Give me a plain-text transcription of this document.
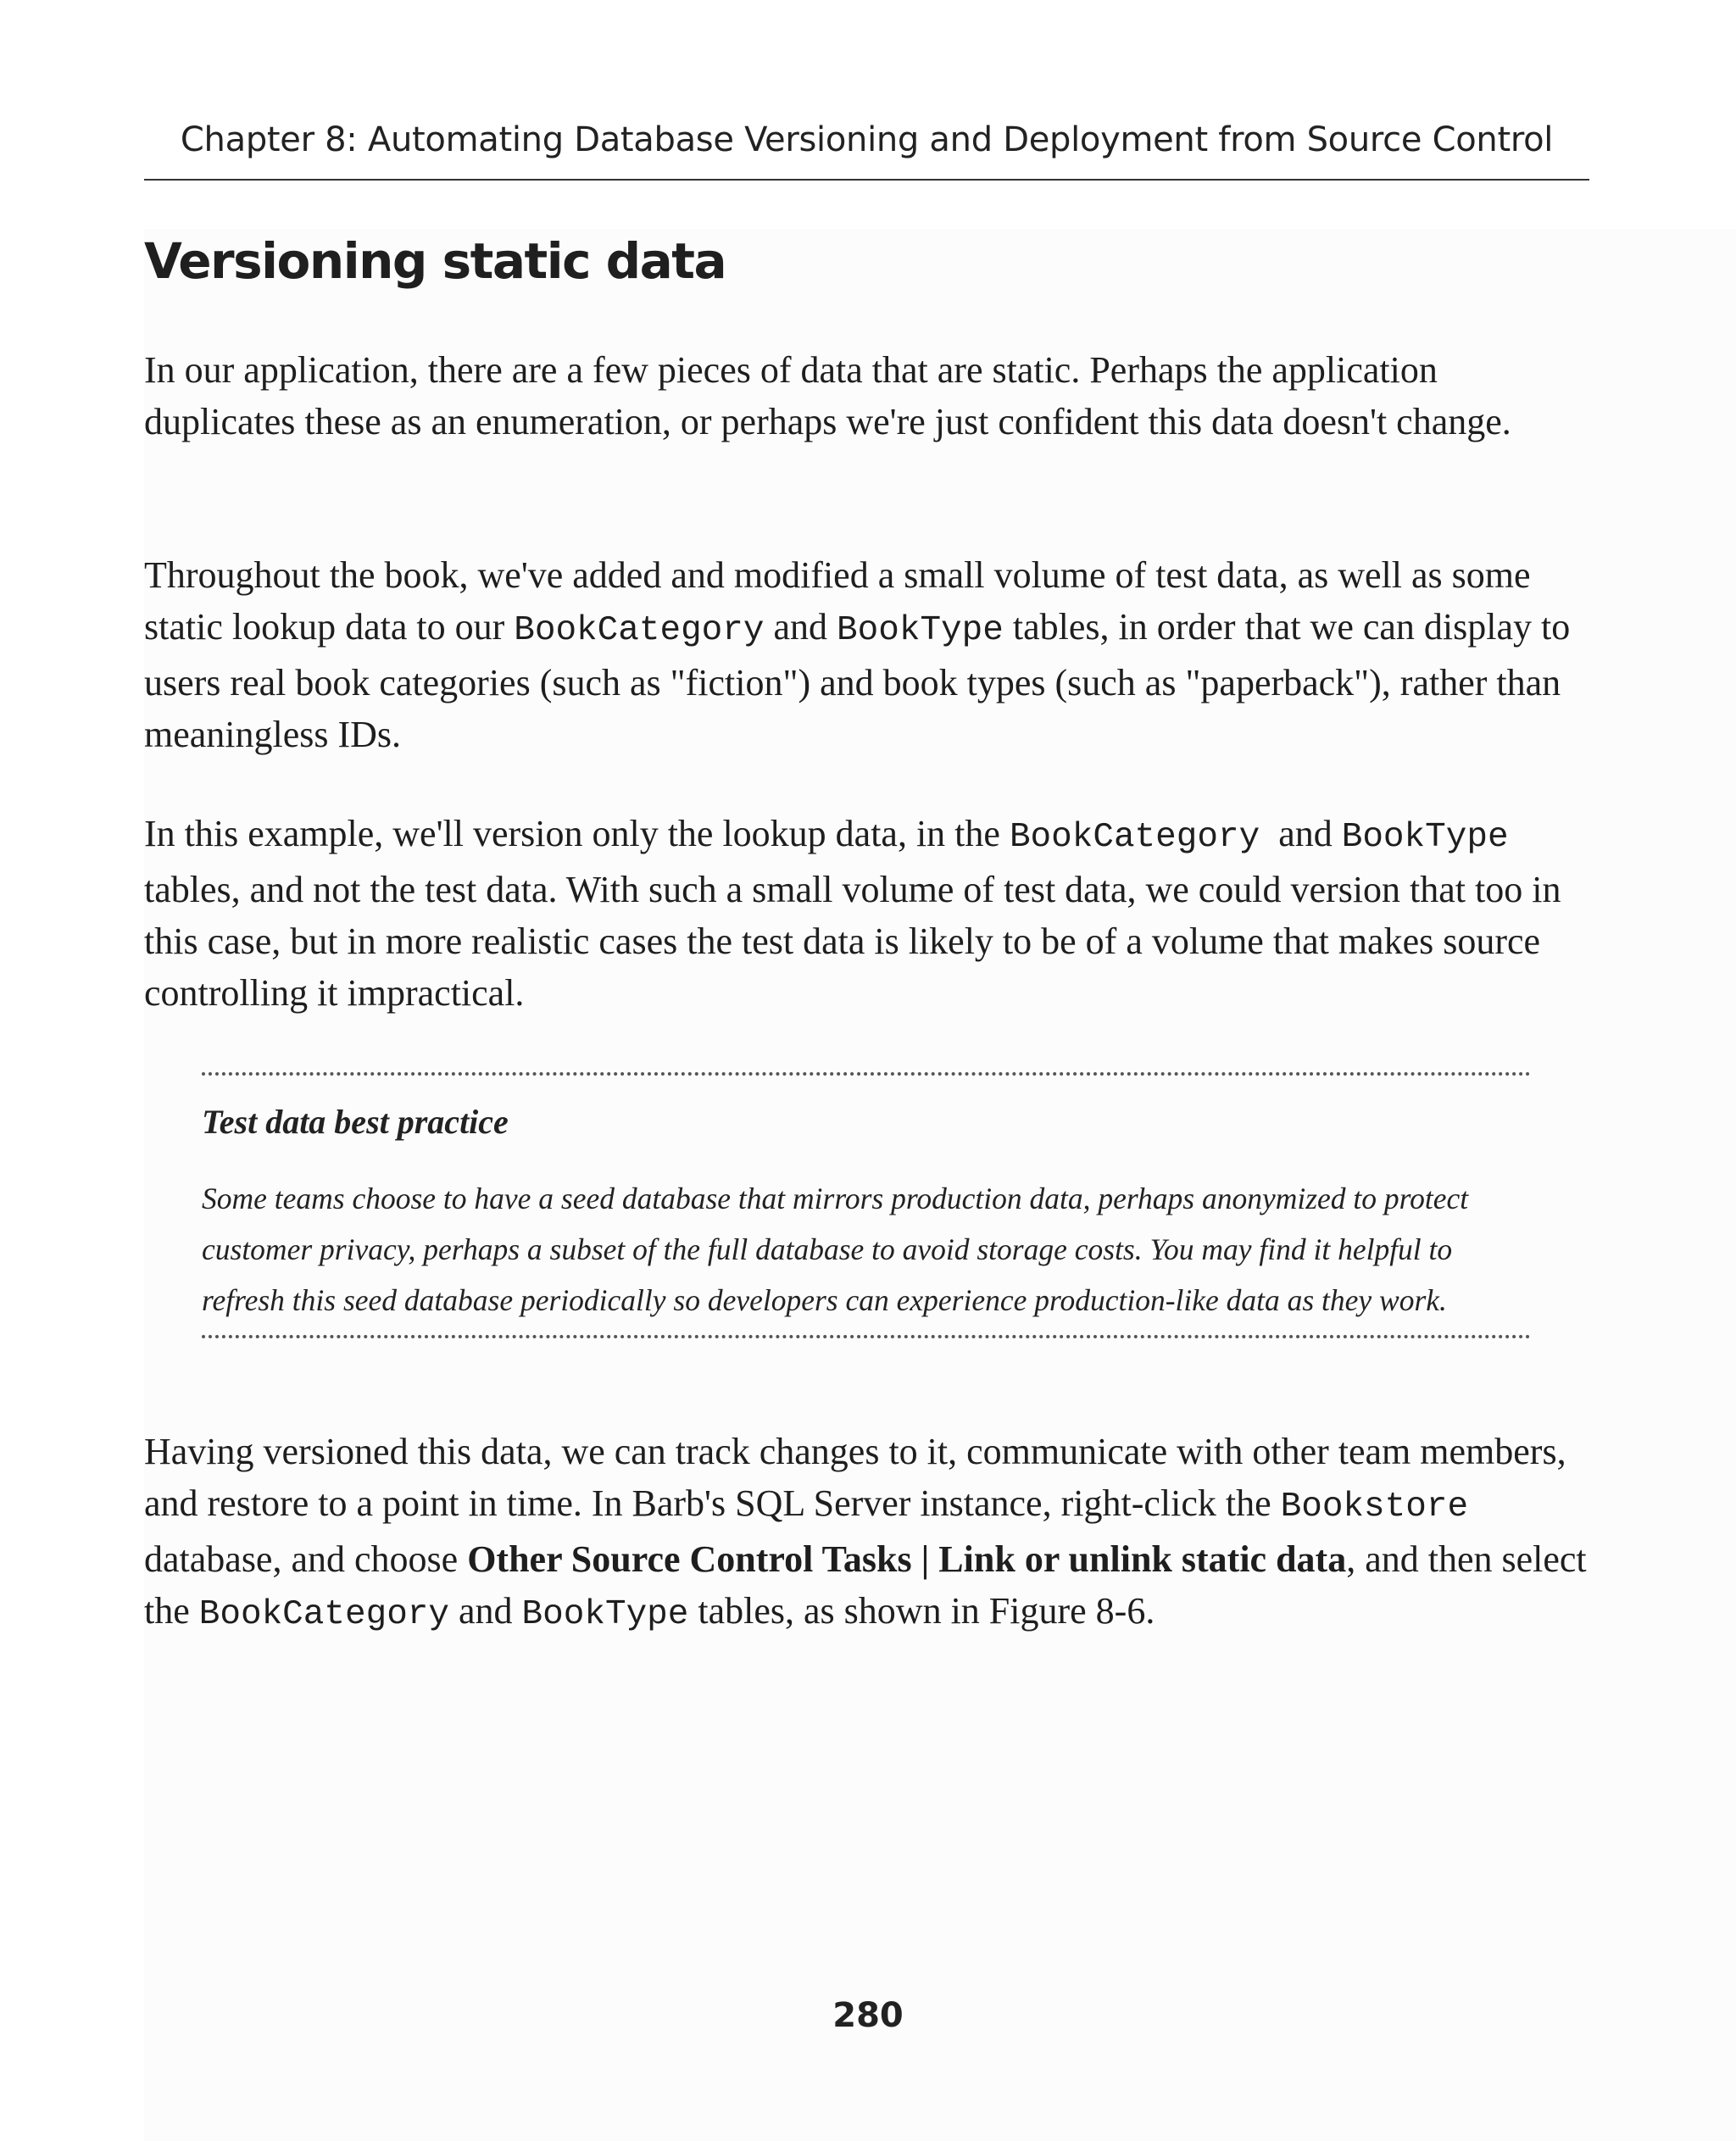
Chapter 8: Automating Database Versioning and Deployment from Source Control
Versioning static data

In our application, there are a few pieces of data that are static. Perhaps the application duplicates these as an enumeration, or perhaps we're just confident this data doesn't change.

Throughout the book, we've added and modified a small volume of test data, as well as some static lookup data to our BookCategory and BookType tables, in order that we can display to users real book categories (such as "fiction") and book types (such as "paperback"), rather than meaningless IDs.

In this example, we'll version only the lookup data, in the BookCategory  and BookType tables, and not the test data. With such a small volume of test data, we could version that too in this case, but in more realistic cases the test data is likely to be of a volume that makes source controlling it impractical.

Test data best practice

Some teams choose to have a seed database that mirrors production data, perhaps anonymized to protect customer privacy, perhaps a subset of the full database to avoid storage costs. You may find it helpful to refresh this seed database periodically so developers can experience production-like data as they work.

Having versioned this data, we can track changes to it, communicate with other team members, and restore to a point in time. In Barb's SQL Server instance, right-click the Bookstore database, and choose Other Source Control Tasks | Link or unlink static data, and then select the BookCategory and BookType tables, as shown in Figure 8-6.

280
